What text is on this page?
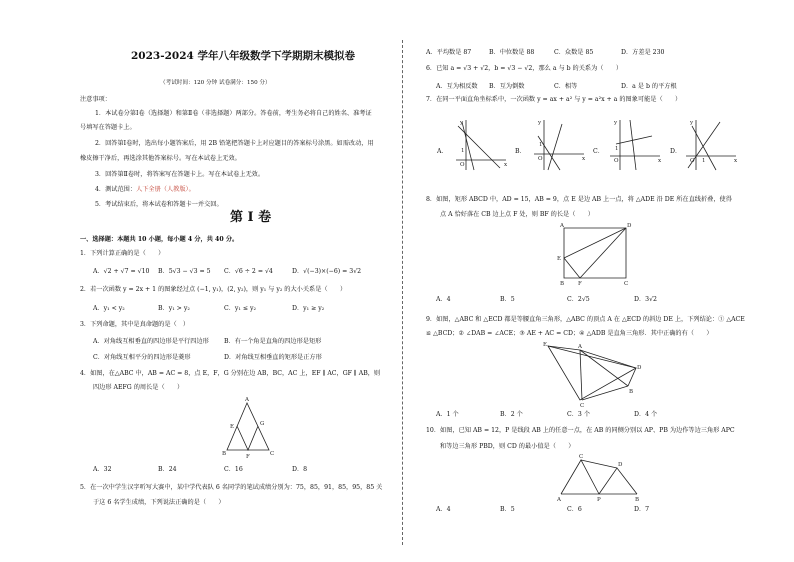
2023-2024 学年八年级数学下学期期末模拟卷
（考试时间：120 分钟 试卷满分：150 分）
注意事项：
1．本试卷分第Ⅰ卷（选择题）和第Ⅱ卷（非选择题）两部分。答卷前，考生务必将自己的姓名、准考证
号填写在答题卡上。
2．回答第Ⅰ卷时，选出每小题答案后，用 2B 铅笔把答题卡上对应题目的答案标号涂黑。如需改动，用
橡皮擦干净后，再选涂其他答案标号。写在本试卷上无效。
3．回答第Ⅱ卷时，将答案写在答题卡上。写在本试卷上无效。
4．测试范围：人下全册（人教版）。
5．考试结束后，将本试卷和答题卡一并交回。
第 I 卷
一、选择题：本题共 10 小题，每小题 4 分，共 40 分。
1．下列计算正确的是（　　）
A．√2 + √7 = √10 B．5√3 − √3 = 5 C．√6 ÷ 2 = √4	D．√(−3)×(−6) = 3√2
2．若一次函数 y = 2x + 1 的图象经过点 (−1, y₁)，(2, y₂)，则 y₁ 与 y₂ 的大小关系是（　　）
A．y₁ < y₂	B．y₁ > y₂	C．y₁ ≤ y₂	D．y₁ ≥ y₂
3．下列命题，其中是真命题的是（　）
A．对角线互相垂直的四边形是平行四边形 B．有一个角是直角的四边形是矩形
C．对角线互相平分的四边形是菱形	D．对角线互相垂直的矩形是正方形
4．如图，在△ABC 中，AB = AC = 8，点 E，F，G 分别在边 AB，BC，AC 上，EF ∥ AC，GF ∥ AB，则
四边形 AEFG 的周长是（　　）
A
E	G
B	F	C
A．32	B．24	C．16	D．8
5．在一次中学生汉字听写大赛中，某中学代表队 6 名同学的笔试成绩分别为：75，85，91，85，95，85 关
于这 6 名学生成绩，下列说法正确的是（　　）
A．平均数是 87	B．中位数是 88	C．众数是 85	D．方差是 230
6．已知 a = √3 + √2，b = √3 − √2，那么 a 与 b 的关系为（　　）
A．互为相反数 B．互为倒数	C．相等	D．a 是 b 的平方根
7．在同一平面直角坐标系中，一次函数 y = ax + a² 与 y = a²x + a 的图象可能是（　　）
A．
y
x
O
1	B．
y
x
O
1
C．
y
x
O
1	D．
y
x
O 1
8．如图，矩形 ABCD 中，AD = 15，AB = 9，点 E 是边 AB 上一点，将 △ADE 沿 DE 所在直线折叠，使得
点 A 恰好落在 CB 边上点 F 处，则 BF 的长是（　　）
A	D
E
B	F	C
A．4	B．5	C．2√5	D．3√2
9．如图，△ABC 和 △ECD 都是等腰直角三角形，△ABC 的顶点 A 在 △ECD 的斜边 DE 上，下列结论：① △ACE
≌ △BCD；② ∠DAB = ∠ACE；③ AE + AC = CD；④ △ADB 是直角三角形．其中正确的有（　　）
E	A
D
B
C
A．1 个	B．2 个	C．3 个	D．4 个
10．如图，已知 AB = 12，P 是线段 AB 上的任意一点，在 AB 的同侧分别以 AP、PB 为边作等边三角形 APC
和等边三角形 PBD，则 CD 的最小值是（　　）
C
D
A	P	B
A．4	B．5	C．6	D．7
